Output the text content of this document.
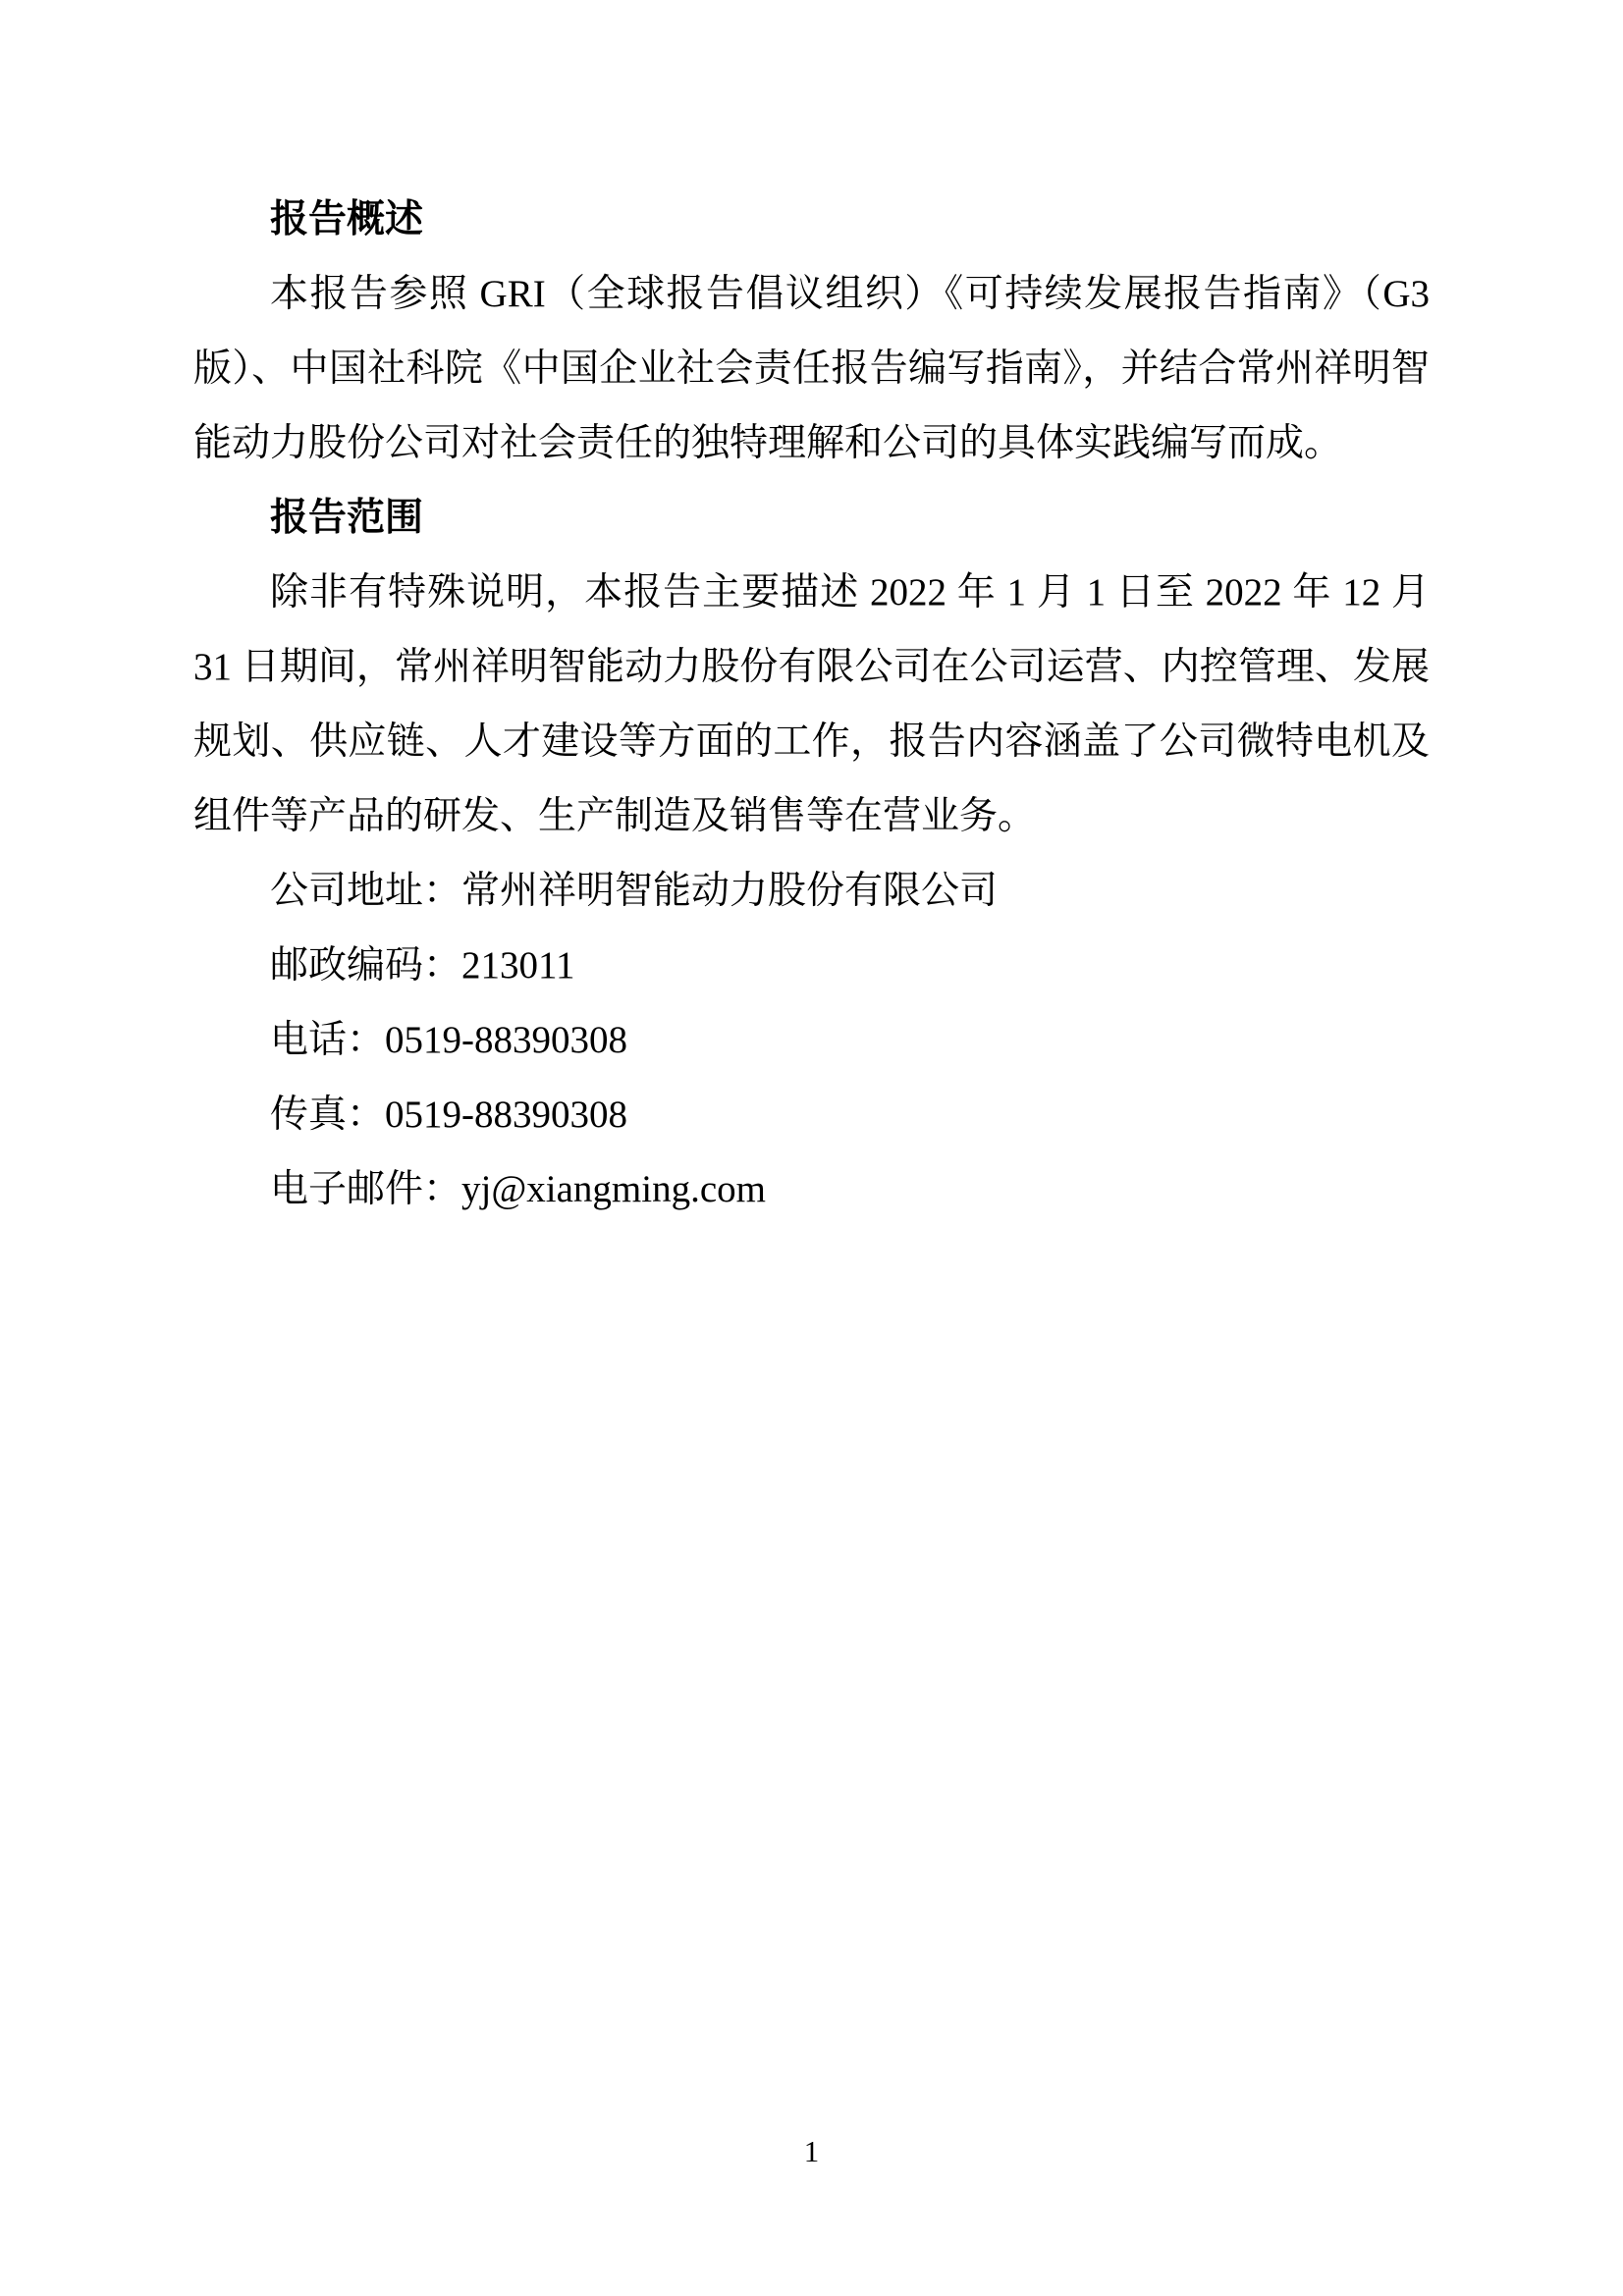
报告概述

本报告参照 GRI（全球报告倡议组织）《可持续发展报告指南》（G3 版）、中国社科院《中国企业社会责任报告编写指南》，并结合常州祥明智能动力股份公司对社会责任的独特理解和公司的具体实践编写而成。

报告范围

除非有特殊说明，本报告主要描述 2022 年 1 月 1 日至 2022 年 12 月 31 日期间，常州祥明智能动力股份有限公司在公司运营、内控管理、发展规划、供应链、人才建设等方面的工作，报告内容涵盖了公司微特电机及组件等产品的研发、生产制造及销售等在营业务。

公司地址：常州祥明智能动力股份有限公司

邮政编码：213011

电话：0519-88390308

传真：0519-88390308

电子邮件：yj@xiangming.com

1
